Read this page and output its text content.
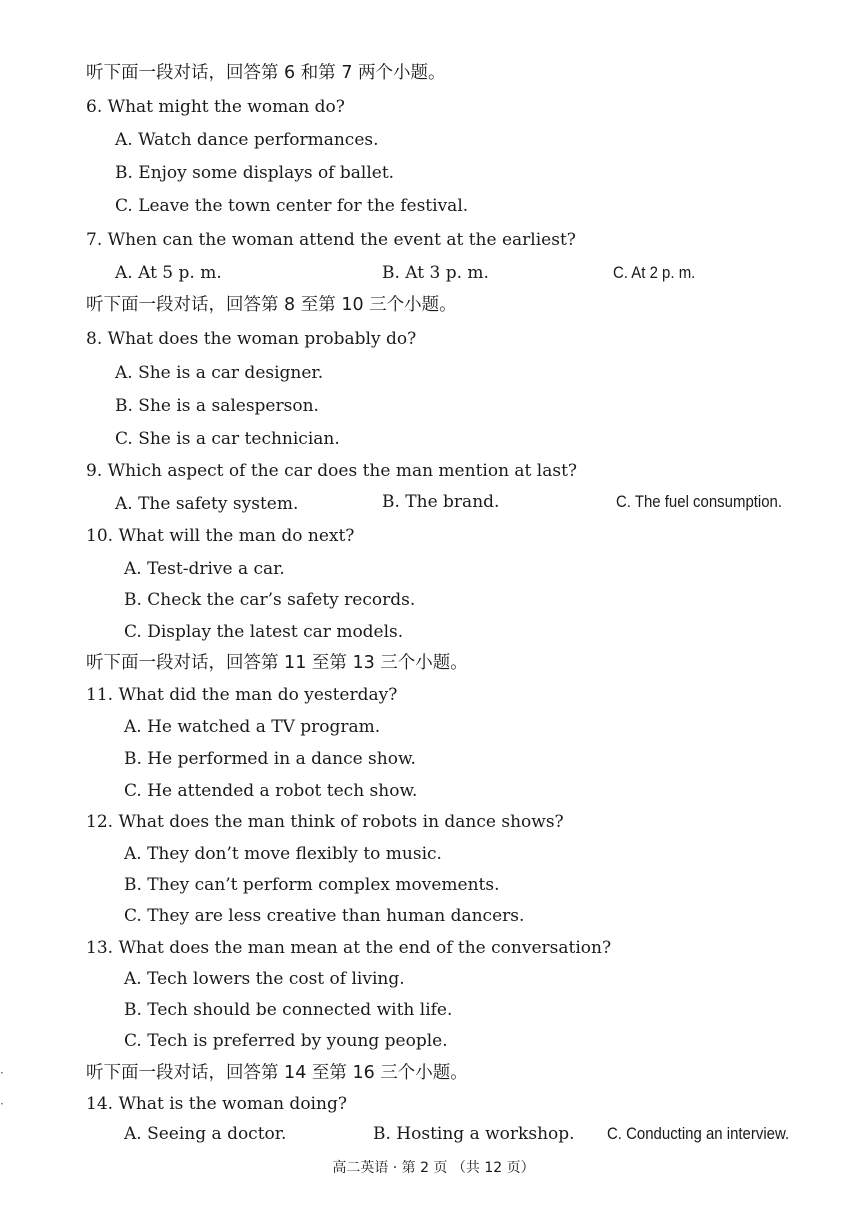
听下面一段对话，回答第 6 和第 7 两个小题。
6. What might the woman do?
A. Watch dance performances.
B. Enjoy some displays of ballet.
C. Leave the town center for the festival.
7. When can the woman attend the event at the earliest?
A. At 5 p. m.	B. At 3 p. m.	C. At 2 p. m.
听下面一段对话，回答第 8 至第 10 三个小题。
8. What does the woman probably do?
A. She is a car designer.
B. She is a salesperson.
C. She is a car technician.
9. Which aspect of the car does the man mention at last?
A. The safety system.	B. The brand.	C. The fuel consumption.
10. What will the man do next?
A. Test-drive a car.
B. Check the car’s safety records.
C. Display the latest car models.
听下面一段对话，回答第 11 至第 13 三个小题。
11. What did the man do yesterday?
A. He watched a TV program.
B. He performed in a dance show.
C. He attended a robot tech show.
12. What does the man think of robots in dance shows?
A. They don’t move flexibly to music.
B. They can’t perform complex movements.
C. They are less creative than human dancers.
13. What does the man mean at the end of the conversation?
A. Tech lowers the cost of living.
B. Tech should be connected with life.
C. Tech is preferred by young people.
听下面一段对话，回答第 14 至第 16 三个小题。
14. What is the woman doing?
A. Seeing a doctor.	B. Hosting a workshop. C. Conducting an interview.
高二英语 · 第 2 页 （共 12 页）
·
·
